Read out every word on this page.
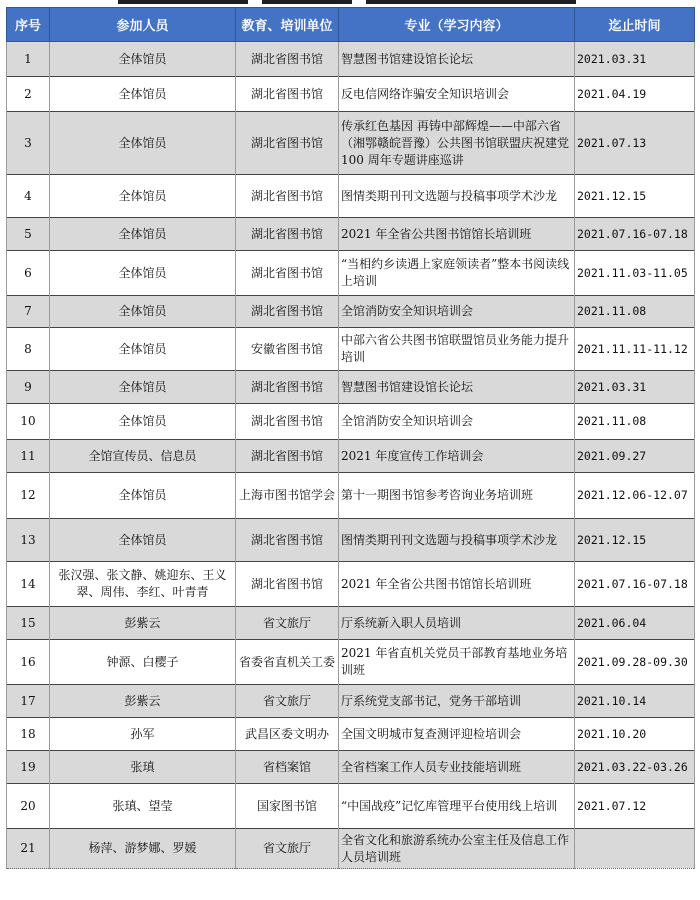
序号	参加人员	教育、培训单位	专业（学习内容）	迄止时间
1	全体馆员	湖北省图书馆	智慧图书馆建设馆长论坛	2021.03.31
2	全体馆员	湖北省图书馆	反电信网络诈骗安全知识培训会	2021.04.19
3	全体馆员	湖北省图书馆	传承红色基因 再铸中部辉煌——中部六省（湘鄂赣皖晋豫）公共图书馆联盟庆祝建党 100 周年专题讲座巡讲	2021.07.13
4	全体馆员	湖北省图书馆	图情类期刊刊文选题与投稿事项学术沙龙	2021.12.15
5	全体馆员	湖北省图书馆	2021 年全省公共图书馆馆长培训班	2021.07.16-07.18
6	全体馆员	湖北省图书馆	“当相约乡读遇上家庭领读者”整本书阅读线上培训	2021.11.03-11.05
7	全体馆员	湖北省图书馆	全馆消防安全知识培训会	2021.11.08
8	全体馆员	安徽省图书馆	中部六省公共图书馆联盟馆员业务能力提升培训	2021.11.11-11.12
9	全体馆员	湖北省图书馆	智慧图书馆建设馆长论坛	2021.03.31
10	全体馆员	湖北省图书馆	全馆消防安全知识培训会	2021.11.08
11	全馆宣传员、信息员	湖北省图书馆	2021 年度宣传工作培训会	2021.09.27
12	全体馆员	上海市图书馆学会	第十一期图书馆参考咨询业务培训班	2021.12.06-12.07
13	全体馆员	湖北省图书馆	图情类期刊刊文选题与投稿事项学术沙龙	2021.12.15
14	张汉强、张文静、姚迎东、王义翠、周伟、李红、叶青青	湖北省图书馆	2021 年全省公共图书馆馆长培训班	2021.07.16-07.18
15	彭紫云	省文旅厅	厅系统新入职人员培训	2021.06.04
16	钟源、白樱子	省委省直机关工委	2021 年省直机关党员干部教育基地业务培训班	2021.09.28-09.30
17	彭紫云	省文旅厅	厅系统党支部书记，党务干部培训	2021.10.14
18	孙军	武昌区委文明办	全国文明城市复查测评迎检培训会	2021.10.20
19	张瑱	省档案馆	全省档案工作人员专业技能培训班	2021.03.22-03.26
20	张瑱、望莹	国家图书馆	“中国战疫”记忆库管理平台使用线上培训	2021.07.12
21	杨萍、游梦娜、罗媛	省文旅厅	全省文化和旅游系统办公室主任及信息工作人员培训班	
